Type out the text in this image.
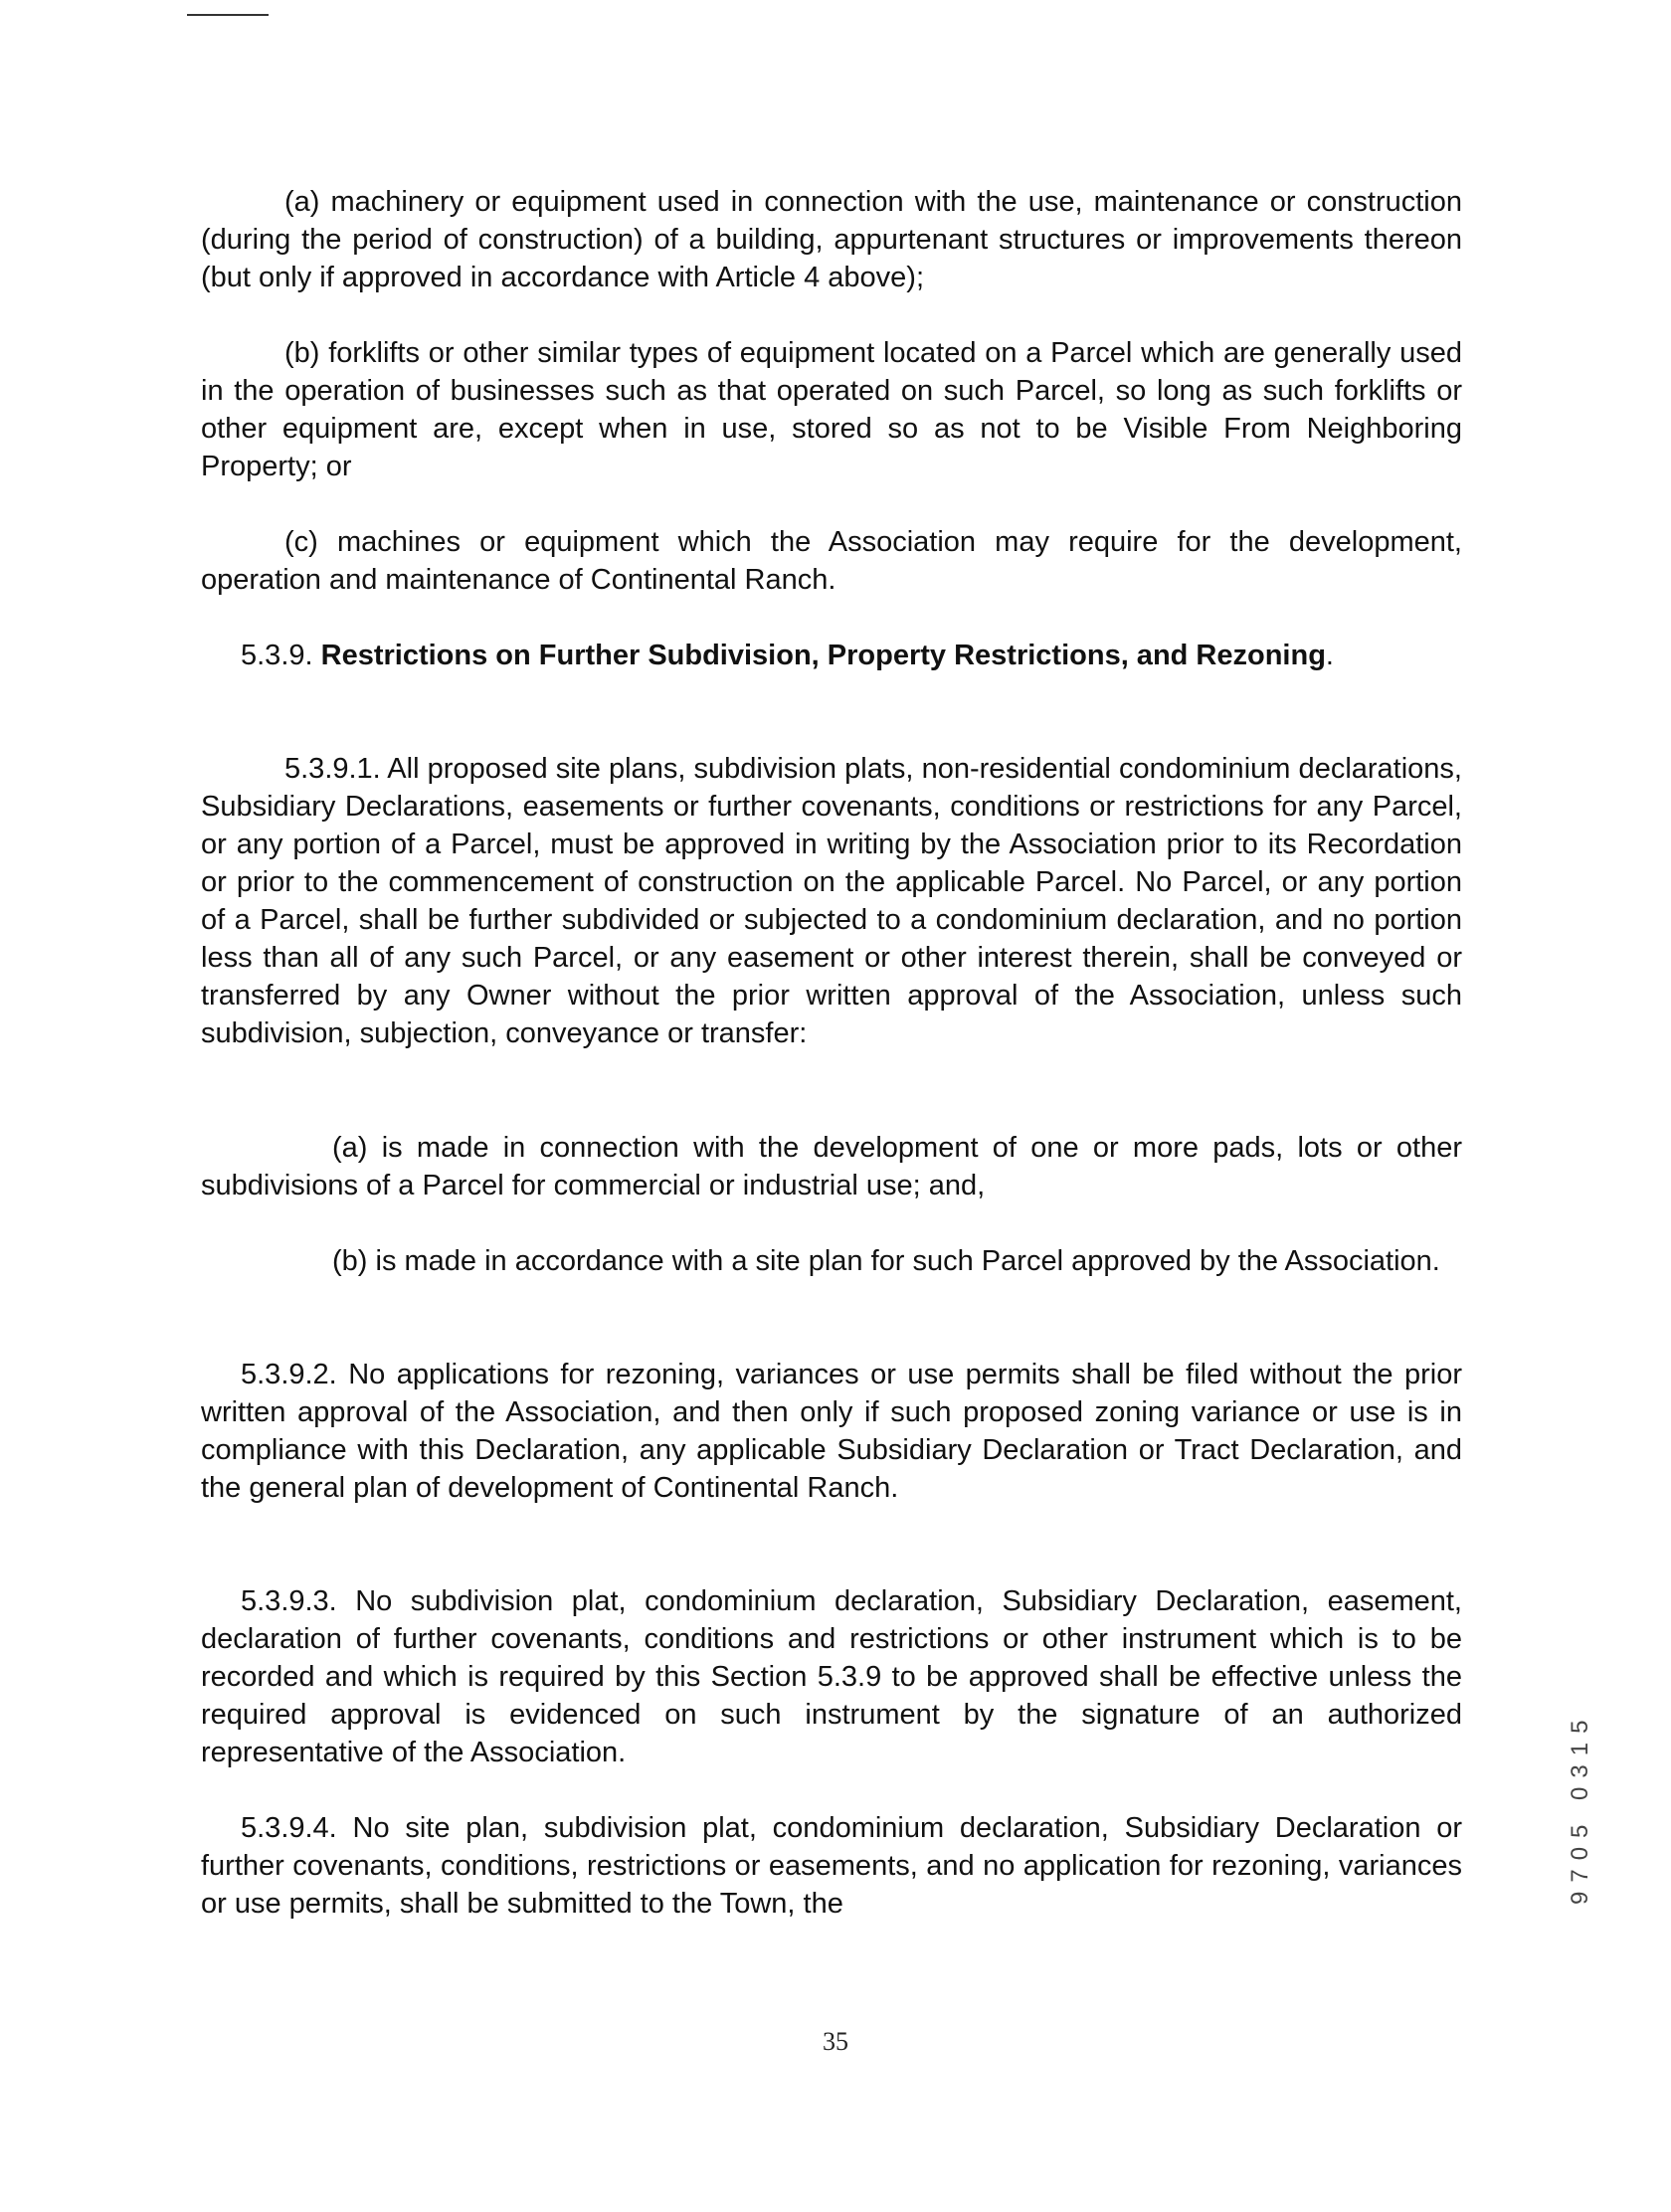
(a) machinery or equipment used in connection with the use, maintenance or construction (during the period of construction) of a building, appurtenant structures or improvements thereon (but only if approved in accordance with Article 4 above);

(b) forklifts or other similar types of equipment located on a Parcel which are generally used in the operation of businesses such as that operated on such Parcel, so long as such forklifts or other equipment are, except when in use, stored so as not to be Visible From Neighboring Property; or

(c) machines or equipment which the Association may require for the development, operation and maintenance of Continental Ranch.

5.3.9. Restrictions on Further Subdivision, Property Restrictions, and Rezoning.

5.3.9.1. All proposed site plans, subdivision plats, non-residential condominium declarations, Subsidiary Declarations, easements or further covenants, conditions or restrictions for any Parcel, or any portion of a Parcel, must be approved in writing by the Association prior to its Recordation or prior to the commencement of construction on the applicable Parcel. No Parcel, or any portion of a Parcel, shall be further subdivided or subjected to a condominium declaration, and no portion less than all of any such Parcel, or any easement or other interest therein, shall be conveyed or transferred by any Owner without the prior written approval of the Association, unless such subdivision, subjection, conveyance or transfer:

(a) is made in connection with the development of one or more pads, lots or other subdivisions of a Parcel for commercial or industrial use; and,

(b) is made in accordance with a site plan for such Parcel approved by the Association.

5.3.9.2. No applications for rezoning, variances or use permits shall be filed without the prior written approval of the Association, and then only if such proposed zoning variance or use is in compliance with this Declaration, any applicable Subsidiary Declaration or Tract Declaration, and the general plan of development of Continental Ranch.

5.3.9.3. No subdivision plat, condominium declaration, Subsidiary Declaration, easement, declaration of further covenants, conditions and restrictions or other instrument which is to be recorded and which is required by this Section 5.3.9 to be approved shall be effective unless the required approval is evidenced on such instrument by the signature of an authorized representative of the Association.

5.3.9.4. No site plan, subdivision plat, condominium declaration, Subsidiary Declaration or further covenants, conditions, restrictions or easements, and no application for rezoning, variances or use permits, shall be submitted to the Town, the

35
9705 0315
